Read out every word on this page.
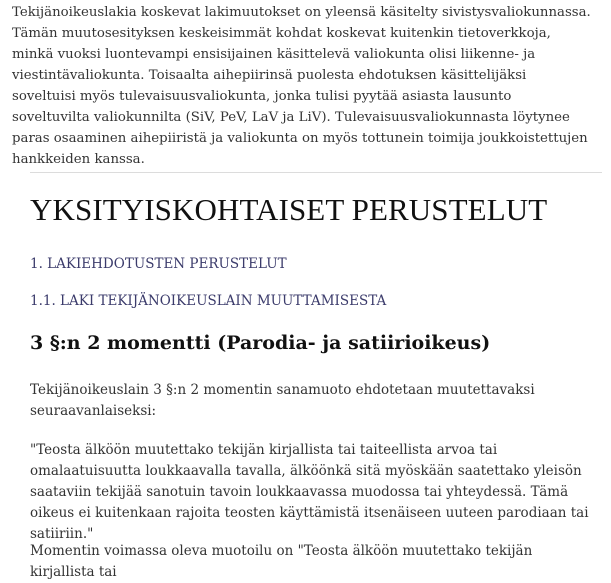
Tekijänoikeuslakia koskevat lakimuutokset on yleensä käsitelty sivistysvaliokunnassa. Tämän muutosesityksen keskeisimmät kohdat koskevat kuitenkin tietoverkkoja, minkä vuoksi luontevampi ensisijainen käsittelevä valiokunta olisi liikenne- ja viestintävaliokunta. Toisaalta aihepiirinsä puolesta ehdotuksen käsittelijäksi soveltuisi myös tulevaisuusvaliokunta, jonka tulisi pyytää asiasta lausunto soveltuvilta valiokunnilta (SiV, PeV, LaV ja LiV). Tulevaisuusvaliokunnasta löytynee paras osaaminen aihepiiristä ja valiokunta on myös tottunein toimija joukkoistettujen hankkeiden kanssa.

YKSITYISKOHTAISET PERUSTELUT
1. LAKIEHDOTUSTEN PERUSTELUT
1.1. LAKI TEKIJÄNOIKEUSLAIN MUUTTAMISESTA
3 §:n 2 momentti (Parodia- ja satiirioikeus)

Tekijänoikeuslain 3 §:n 2 momentin sanamuoto ehdotetaan muutettavaksi seuraavanlaiseksi:

"Teosta älköön muutettako tekijän kirjallista tai taiteellista arvoa tai omalaatuisuutta loukkaavalla tavalla, älköönkä sitä myöskään saatettako yleisön saataviin tekijää sanotuin tavoin loukkaavassa muodossa tai yhteydessä. Tämä oikeus ei kuitenkaan rajoita teosten käyttämistä itsenäiseen uuteen parodiaan tai satiiriin."

Momentin voimassa oleva muotoilu on "Teosta älköön muutettako tekijän kirjallista tai
